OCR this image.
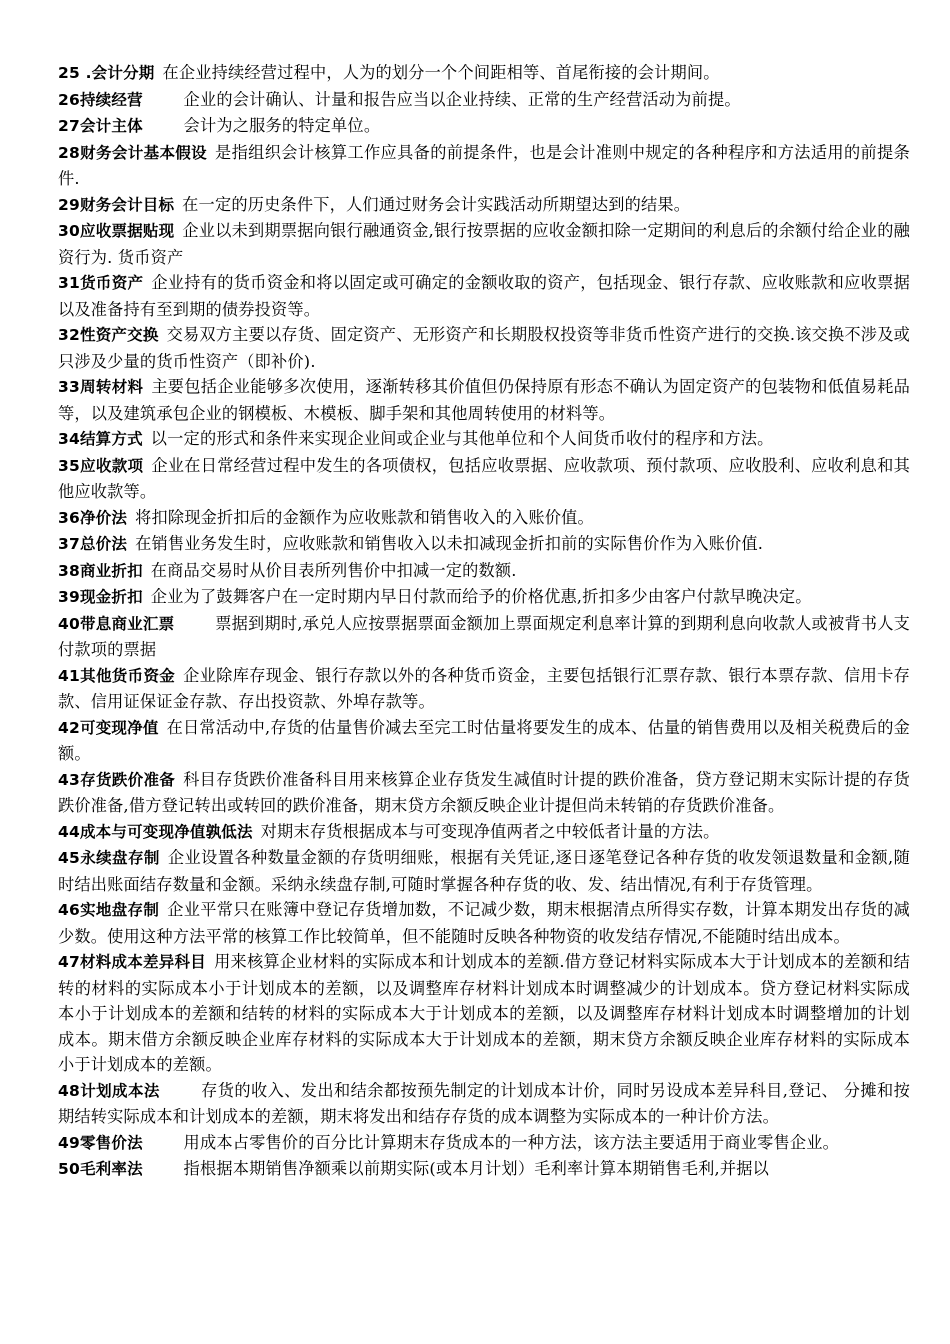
25 .会计分期 在企业持续经营过程中，人为的划分一个个间距相等、首尾衔接的会计期间。

26持续经营　　企业的会计确认、计量和报告应当以企业持续、正常的生产经营活动为前提。

27会计主体　　会计为之服务的特定单位。

28财务会计基本假设 是指组织会计核算工作应具备的前提条件，也是会计准则中规定的各种程序和方法适用的前提条件.

29财务会计目标 在一定的历史条件下，人们通过财务会计实践活动所期望达到的结果。

30应收票据贴现 企业以未到期票据向银行融通资金,银行按票据的应收金额扣除一定期间的利息后的余额付给企业的融资行为. 货币资产

31货币资产 企业持有的货币资金和将以固定或可确定的金额收取的资产，包括现金、银行存款、应收账款和应收票据以及准备持有至到期的债券投资等。

32性资产交换 交易双方主要以存货、固定资产、无形资产和长期股权投资等非货币性资产进行的交换.该交换不涉及或只涉及少量的货币性资产（即补价).

33周转材料 主要包括企业能够多次使用，逐渐转移其价值但仍保持原有形态不确认为固定资产的包装物和低值易耗品等，以及建筑承包企业的钢模板、木模板、脚手架和其他周转使用的材料等。

34结算方式 以一定的形式和条件来实现企业间或企业与其他单位和个人间货币收付的程序和方法。

35应收款项 企业在日常经营过程中发生的各项债权，包括应收票据、应收款项、预付款项、应收股利、应收利息和其他应收款等。

36净价法 将扣除现金折扣后的金额作为应收账款和销售收入的入账价值。

37总价法 在销售业务发生时，应收账款和销售收入以未扣减现金折扣前的实际售价作为入账价值.

38商业折扣 在商品交易时从价目表所列售价中扣减一定的数额.

39现金折扣 企业为了鼓舞客户在一定时期内早日付款而给予的价格优惠,折扣多少由客户付款早晚决定。

40带息商业汇票　　票据到期时,承兑人应按票据票面金额加上票面规定利息率计算的到期利息向收款人或被背书人支付款项的票据

41其他货币资金 企业除库存现金、银行存款以外的各种货币资金，主要包括银行汇票存款、银行本票存款、信用卡存款、信用证保证金存款、存出投资款、外埠存款等。

42可变现净值 在日常活动中,存货的估量售价减去至完工时估量将要发生的成本、估量的销售费用以及相关税费后的金额。

43存货跌价准备 科目存货跌价准备科目用来核算企业存货发生减值时计提的跌价准备，贷方登记期末实际计提的存货跌价准备,借方登记转出或转回的跌价准备，期末贷方余额反映企业计提但尚未转销的存货跌价准备。

44成本与可变现净值孰低法 对期末存货根据成本与可变现净值两者之中较低者计量的方法。

45永续盘存制 企业设置各种数量金额的存货明细账，根据有关凭证,逐日逐笔登记各种存货的收发领退数量和金额,随时结出账面结存数量和金额。采纳永续盘存制,可随时掌握各种存货的收、发、结出情况,有利于存货管理。

46实地盘存制 企业平常只在账簿中登记存货增加数，不记减少数，期末根据清点所得实存数，计算本期发出存货的减少数。使用这种方法平常的核算工作比较简单，但不能随时反映各种物资的收发结存情况,不能随时结出成本。

47材料成本差异科目 用来核算企业材料的实际成本和计划成本的差额.借方登记材料实际成本大于计划成本的差额和结转的材料的实际成本小于计划成本的差额，以及调整库存材料计划成本时调整减少的计划成本。贷方登记材料实际成本小于计划成本的差额和结转的材料的实际成本大于计划成本的差额，以及调整库存材料计划成本时调整增加的计划成本。期末借方余额反映企业库存材料的实际成本大于计划成本的差额，期末贷方余额反映企业库存材料的实际成本小于计划成本的差额。

48计划成本法　　存货的收入、发出和结余都按预先制定的计划成本计价，同时另设成本差异科目,登记、 分摊和按期结转实际成本和计划成本的差额，期末将发出和结存存货的成本调整为实际成本的一种计价方法。

49零售价法　　用成本占零售价的百分比计算期末存货成本的一种方法，该方法主要适用于商业零售企业。

50毛利率法　　指根据本期销售净额乘以前期实际(或本月计划）毛利率计算本期销售毛利,并据以
